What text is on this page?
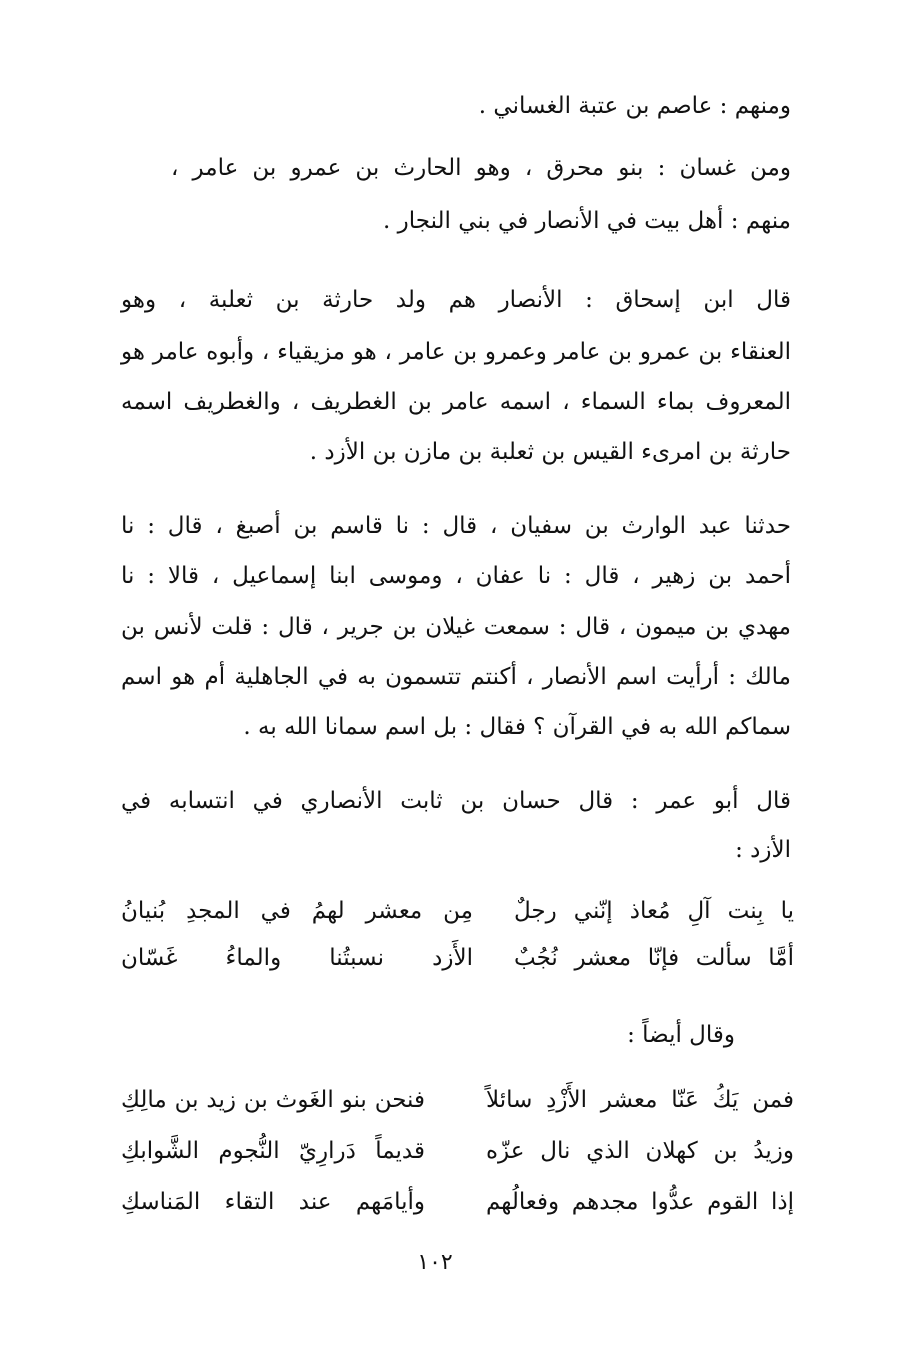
ومنهم : عاصم بن عتبة الغساني .
ومن غسان : بنو محرق ، وهو الحارث بن عمرو بن عامر ،
منهم : أهل بيت في الأنصار في بني النجار .
قال ابن إسحاق : الأنصار هم ولد حارثة بن ثعلبة ، وهو
العنقاء بن عمرو بن عامر وعمرو بن عامر ، هو مزيقياء ، وأبوه عامر هو
المعروف بماء السماء ، اسمه عامر بن الغطريف ، والغطريف اسمه
حارثة بن امرىء القيس بن ثعلبة بن مازن بن الأزد .
حدثنا عبد الوارث بن سفيان ، قال : نا قاسم بن أصبغ ، قال : نا
أحمد بن زهير ، قال : نا عفان ، وموسى ابنا إسماعيل ، قالا : نا
مهدي بن ميمون ، قال : سمعت غيلان بن جرير ، قال : قلت لأنس بن
مالك : أرأيت اسم الأنصار ، أكنتم تتسمون به في الجاهلية أم هو اسم
سماكم الله به في القرآن ؟ فقال : بل اسم سمانا الله به .
قال أبو عمر : قال حسان بن ثابت الأنصاري في انتسابه في
الأزد :
يا بِنت آلِ مُعاذ إنّني رجلٌ
مِن معشر لهمُ في المجدِ بُنيانُ
أمَّا سألت فإنّا معشر نُجُبٌ
الأَزد نسبتُنا والماءُ غَسّان
وقال أيضاً :
فمن يَكُ عَنّا معشر الأَزْدِ سائلاً
فنحن بنو الغَوث بن زيد بن مالِكِ
وزيدُ بن كهلان الذي نال عزّه
قديماً دَرارِيّ النُّجوم الشَّوابكِ
إذا القوم عدُّوا مجدهم وفعالُهم
وأيامَهم عند التقاء المَناسكِ
١٠٢
